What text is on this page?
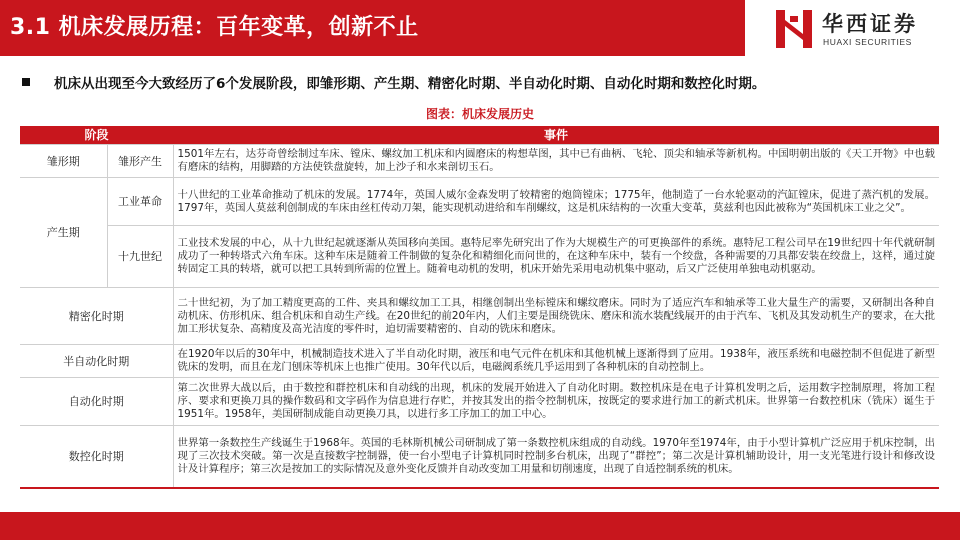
3.1 机床发展历程：百年变革，创新不止	华西证券
HUAXI SECURITIES
机床从出现至今大致经历了6个发展阶段，即雏形期、产生期、精密化时期、半自动化时期、自动化时期和数控化时期。
图表：机床发展历史
阶段		事件
雏形期	雏形产生	1501年左右，达芬奇曾绘制过车床、镗床、螺纹加工机床和内圆磨床的构想草图，其中已有曲柄、飞轮、顶尖和轴承等新机构。中国明朝出版的《天工开物》中也载有磨床的结构，用脚踏的方法使铁盘旋转，加上沙子和水来剖切玉石。
产生期	工业革命	十八世纪的工业革命推动了机床的发展。1774年，英国人威尔金森发明了较精密的炮筒镗床；1775年，他制造了一台水轮驱动的汽缸镗床，促进了蒸汽机的发展。1797年，英国人莫兹利创制成的车床由丝杠传动刀架，能实现机动进给和车削螺纹，这是机床结构的一次重大变革，莫兹利也因此被称为“英国机床工业之父”。
	十九世纪	工业技术发展的中心，从十九世纪起就逐渐从英国移向美国。惠特尼率先研究出了作为大规模生产的可更换部件的系统。惠特尼工程公司早在19世纪四十年代就研制成功了一种转塔式六角车床。这种车床是随着工件制做的复杂化和精细化而问世的，在这种车床中，装有一个绞盘，各种需要的刀具都安装在绞盘上，这样，通过旋转固定工具的转塔，就可以把工具转到所需的位置上。随着电动机的发明，机床开始先采用电动机集中驱动，后又广泛使用单独电动机驱动。
精密化时期		二十世纪初，为了加工精度更高的工件、夹具和螺纹加工工具，相继创制出坐标镗床和螺纹磨床。同时为了适应汽车和轴承等工业大量生产的需要，又研制出各种自动机床、仿形机床、组合机床和自动生产线。在20世纪的前20年内，人们主要是围绕铣床、磨床和流水装配线展开的由于汽车、飞机及其发动机生产的要求，在大批加工形状复杂、高精度及高光洁度的零件时，迫切需要精密的、自动的铣床和磨床。
半自动化时期		在1920年以后的30年中，机械制造技术进入了半自动化时期，液压和电气元件在机床和其他机械上逐渐得到了应用。1938年，液压系统和电磁控制不但促进了新型铣床的发明，而且在龙门刨床等机床上也推广使用。30年代以后，电磁阀系统几乎运用到了各种机床的自动控制上。
自动化时期		第二次世界大战以后，由于数控和群控机床和自动线的出现，机床的发展开始进入了自动化时期。数控机床是在电子计算机发明之后，运用数字控制原理，将加工程序、要求和更换刀具的操作数码和文字码作为信息进行存贮，并按其发出的指令控制机床，按既定的要求进行加工的新式机床。世界第一台数控机床（铣床）诞生于1951年。1958年，美国研制成能自动更换刀具，以进行多工序加工的加工中心。
数控化时期		世界第一条数控生产线诞生于1968年。英国的毛林斯机械公司研制成了第一条数控机床组成的自动线。1970年至1974年，由于小型计算机广泛应用于机床控制，出现了三次技术突破。第一次是直接数字控制器，使一台小型电子计算机同时控制多台机床，出现了“群控”；第二次是计算机辅助设计，用一支光笔进行设计和修改设计及计算程序；第三次是按加工的实际情况及意外变化反馈并自动改变加工用量和切削速度，出现了自适控制系统的机床。
